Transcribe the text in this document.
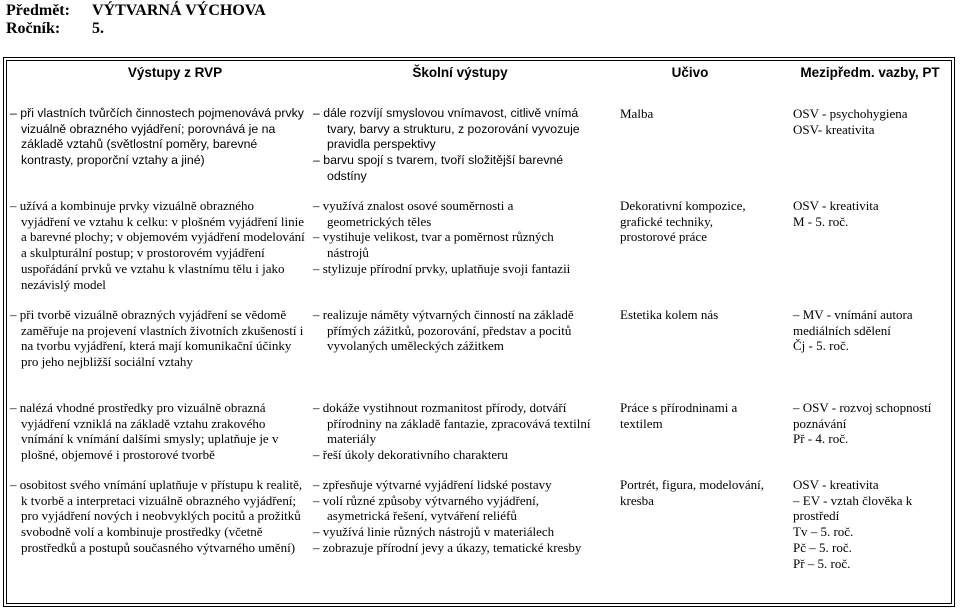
Předmět: VÝTVARNÁ VÝCHOVA
Ročník: 5.
Výstupy z RVP	Školní výstupy	Učivo	Mezipředm. vazby, PT
– při vlastních tvůrčích činnostech pojmenovává prvky vizuálně obrazného vyjádření; porovnává je na základě vztahů (světlostní poměry, barevné kontrasty, proporční vztahy a jiné)
– dále rozvíjí smyslovou vnímavost, citlivě vnímá tvary, barvy a strukturu, z pozorování vyvozuje pravidla perspektivy
– barvu spojí s tvarem, tvoří složitější barevné odstíny
Malba	OSV - psychohygiena
OSV- kreativita
– užívá a kombinuje prvky vizuálně obrazného vyjádření ve vztahu k celku: v plošném vyjádření linie a barevné plochy; v objemovém vyjádření modelování a skulpturální postup; v prostorovém vyjádření uspořádání prvků ve vztahu k vlastnímu tělu i jako nezávislý model
– využívá znalost osové souměrnosti a geometrických těles
– vystihuje velikost, tvar a poměrnost různých nástrojů
– stylizuje přírodní prvky, uplatňuje svoji fantazii
Dekorativní kompozice, grafické techniky, prostorové práce
OSV - kreativita
M - 5. roč.
– při tvorbě vizuálně obrazných vyjádření se vědomě zaměřuje na projevení vlastních životních zkušeností i na tvorbu vyjádření, která mají komunikační účinky pro jeho nejbližší sociální vztahy
– realizuje náměty výtvarných činností na základě přímých zážitků, pozorování, představ a pocitů vyvolaných uměleckých zážitkem
Estetika kolem nás
–	MV - vnímání autora mediálních sdělení
Čj - 5. roč.
– nalézá vhodné prostředky pro vizuálně obrazná vyjádření vzniklá na základě vztahu zrakového vnímání k vnímání dalšími smysly; uplatňuje je v plošné, objemové i prostorové tvorbě
– dokáže vystihnout rozmanitost přírody, dotváří přírodniny na základě fantazie, zpracovává textilní materiály
– řeší úkoly dekorativního charakteru
Práce s přírodninami a textilem
– OSV - rozvoj schopností poznávání
Př - 4. roč.
– osobitost svého vnímání uplatňuje v přístupu k realitě, k tvorbě a interpretaci vizuálně obrazného vyjádření; pro vyjádření nových i neobvyklých pocitů a prožitků svobodně volí a kombinuje prostředky (včetně prostředků a postupů současného výtvarného umění)
– zpřesňuje výtvarné vyjádření lidské postavy
– volí různé způsoby výtvarného vyjádření, asymetrická řešení, vytváření reliéfů
– využívá linie různých nástrojů v materiálech
– zobrazuje přírodní jevy a úkazy, tematické kresby
Portrét, figura, modelování, kresba
OSV - kreativita
– EV - vztah člověka k prostředí
Tv – 5. roč.
Pč – 5. roč.
Př – 5. roč.
